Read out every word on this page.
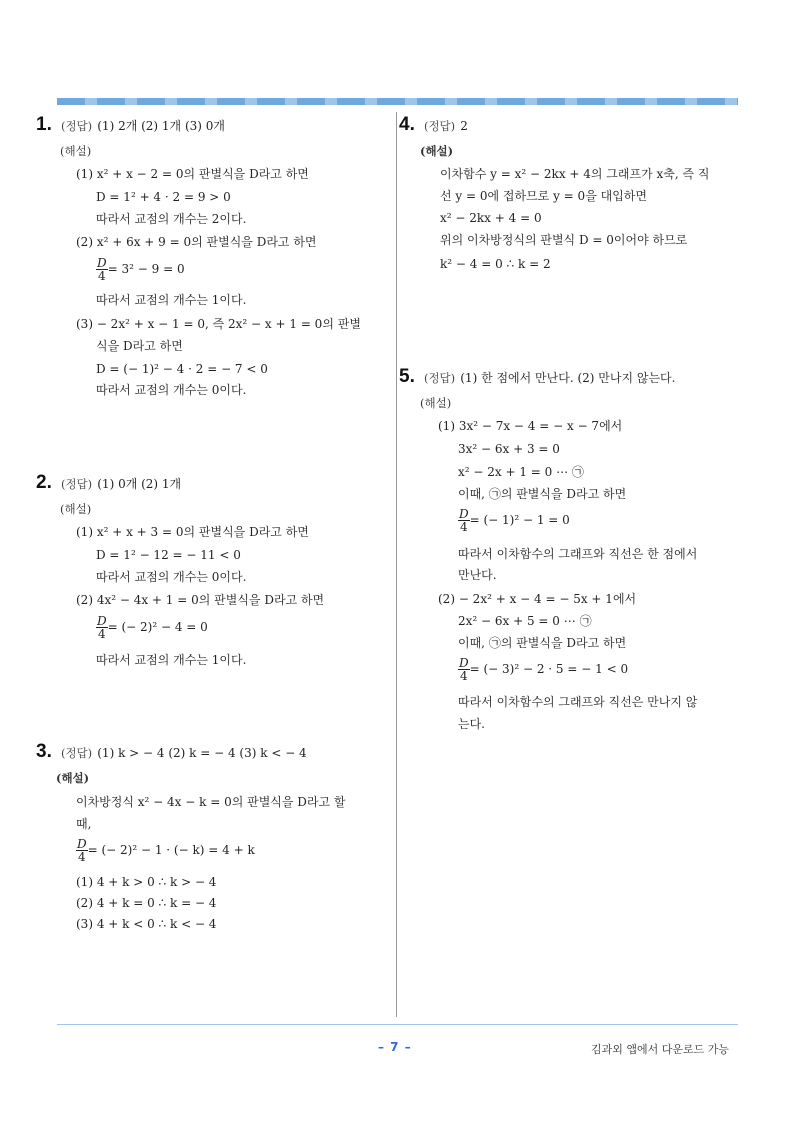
1. (정답) (1) 2개 (2) 1개 (3) 0개
(해설)
(1) x² + x − 2 = 0의 판별식을 D라고 하면
D = 1² + 4 · 2 = 9 > 0
따라서 교점의 개수는 2이다.
(2) x² + 6x + 9 = 0의 판별식을 D라고 하면
$\frac{D}{4} = 3^2 - 9 = 0$
따라서 교점의 개수는 1이다.
(3) − 2x² + x − 1 = 0, 즉 2x² − x + 1 = 0의 판별
식을 D라고 하면
D = (− 1)² − 4 · 2 = − 7 < 0
따라서 교점의 개수는 0이다.
2. (정답) (1) 0개 (2) 1개
(해설)
(1) x² + x + 3 = 0의 판별식을 D라고 하면
D = 1² − 12 = − 11 < 0
따라서 교점의 개수는 0이다.
(2) 4x² − 4x + 1 = 0의 판별식을 D라고 하면
$\frac{D}{4}$ = (− 2)² − 4 = 0
따라서 교점의 개수는 1이다.
3. (정답) (1) k > − 4 (2) k = − 4 (3) k < − 4
(해설)
이차방정식 x² − 4x − k = 0의 판별식을 D라고 할
때,
$\frac{D}{4}$ = (− 2)² − 1 · (− k) = 4 + k
(1) 4 + k > 0 ∴ k > − 4
(2) 4 + k = 0 ∴ k = − 4
(3) 4 + k < 0 ∴ k < − 4
4. (정답) 2
(해설)
이차함수 y = x² − 2kx + 4의 그래프가 x축, 즉 직
선 y = 0에 접하므로 y = 0을 대입하면
x² − 2kx + 4 = 0
위의 이차방정식의 판별식 D = 0이어야 하므로
k² − 4 = 0 ∴ k = 2
5. (정답) (1) 한 점에서 만난다. (2) 만나지 않는다.
(해설)
(1) 3x² − 7x − 4 = − x − 7에서
3x² − 6x + 3 = 0
x² − 2x + 1 = 0 ⋯ ㉠
이때, ㉠의 판별식을 D라고 하면
$\frac{D}{4}$ = (− 1)² − 1 = 0
따라서 이차함수의 그래프와 직선은 한 점에서
만난다.
(2) − 2x² + x − 4 = − 5x + 1에서
2x² − 6x + 5 = 0 ⋯ ㉠
이때, ㉠의 판별식을 D라고 하면
$\frac{D}{4}$ = (− 3)² − 2 · 5 = − 1 < 0
따라서 이차함수의 그래프와 직선은 만나지 않
는다.
– 7 –	김과외 앱에서 다운로드 가능
